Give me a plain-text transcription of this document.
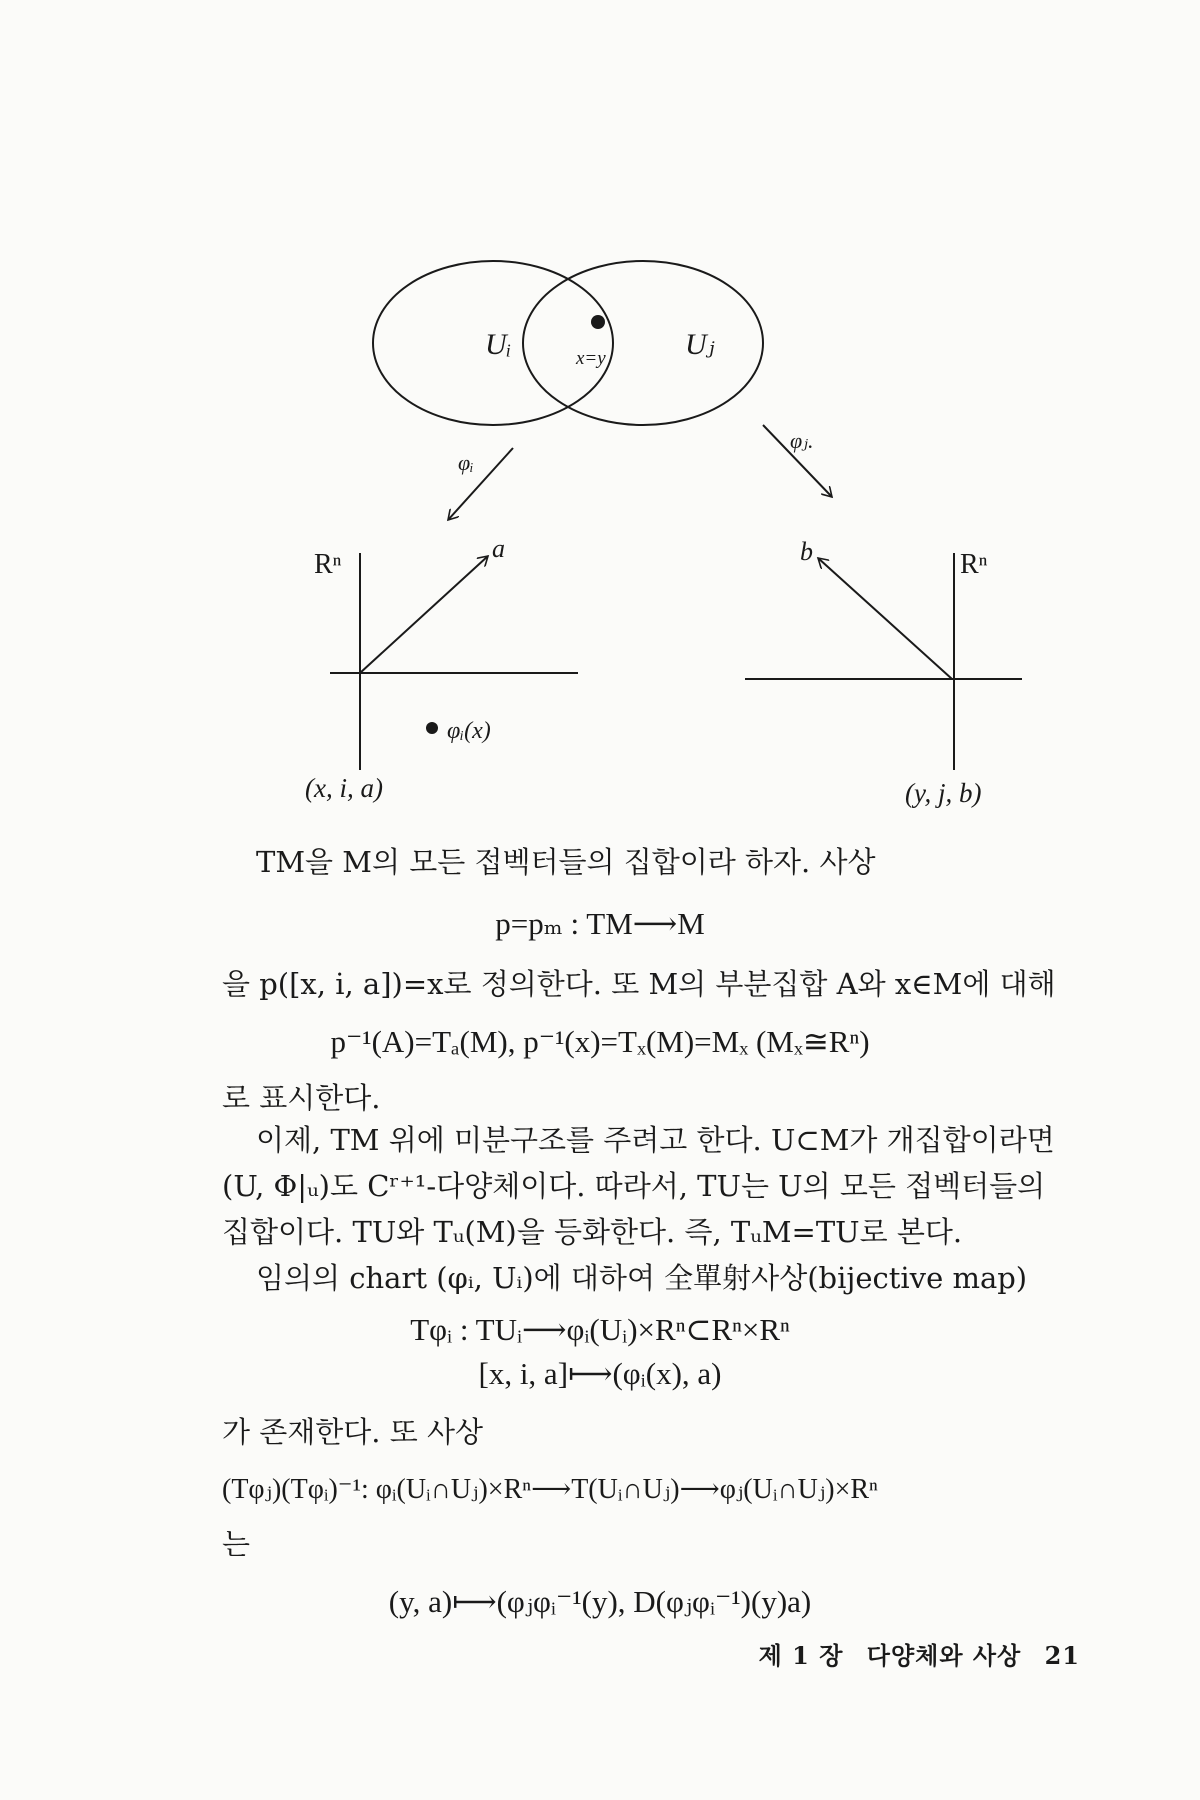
Uᵢ	Uⱼ
x=y
φᵢ
φⱼ.
Rⁿ
a
φᵢ(x)
(x, i, a)
Rⁿ
b
(y, j, b)
TM을 M의 모든 접벡터들의 집합이라 하자. 사상
p=pₘ : TM⟶M
을 p([x, i, a])=x로 정의한다. 또 M의 부분집합 A와 x∈M에 대해
p⁻¹(A)=Tₐ(M), p⁻¹(x)=Tₓ(M)=Mₓ (Mₓ≅Rⁿ)
로 표시한다.
이제, TM 위에 미분구조를 주려고 한다. U⊂M가 개집합이라면
(U, Φ|ᵤ)도 Cʳ⁺¹-다양체이다. 따라서, TU는 U의 모든 접벡터들의
집합이다. TU와 Tᵤ(M)을 등화한다. 즉, TᵤM=TU로 본다.
임의의 chart (φᵢ, Uᵢ)에 대하여 全單射사상(bijective map)
Tφᵢ : TUᵢ⟶φᵢ(Uᵢ)×Rⁿ⊂Rⁿ×Rⁿ
[x, i, a]⟼(φᵢ(x), a)
가 존재한다. 또 사상
(Tφⱼ)(Tφᵢ)⁻¹: φᵢ(Uᵢ∩Uⱼ)×Rⁿ⟶T(Uᵢ∩Uⱼ)⟶φⱼ(Uᵢ∩Uⱼ)×Rⁿ
는
(y, a)⟼(φⱼφᵢ⁻¹(y), D(φⱼφᵢ⁻¹)(y)a)
제 1 장 다양체와 사상 21
